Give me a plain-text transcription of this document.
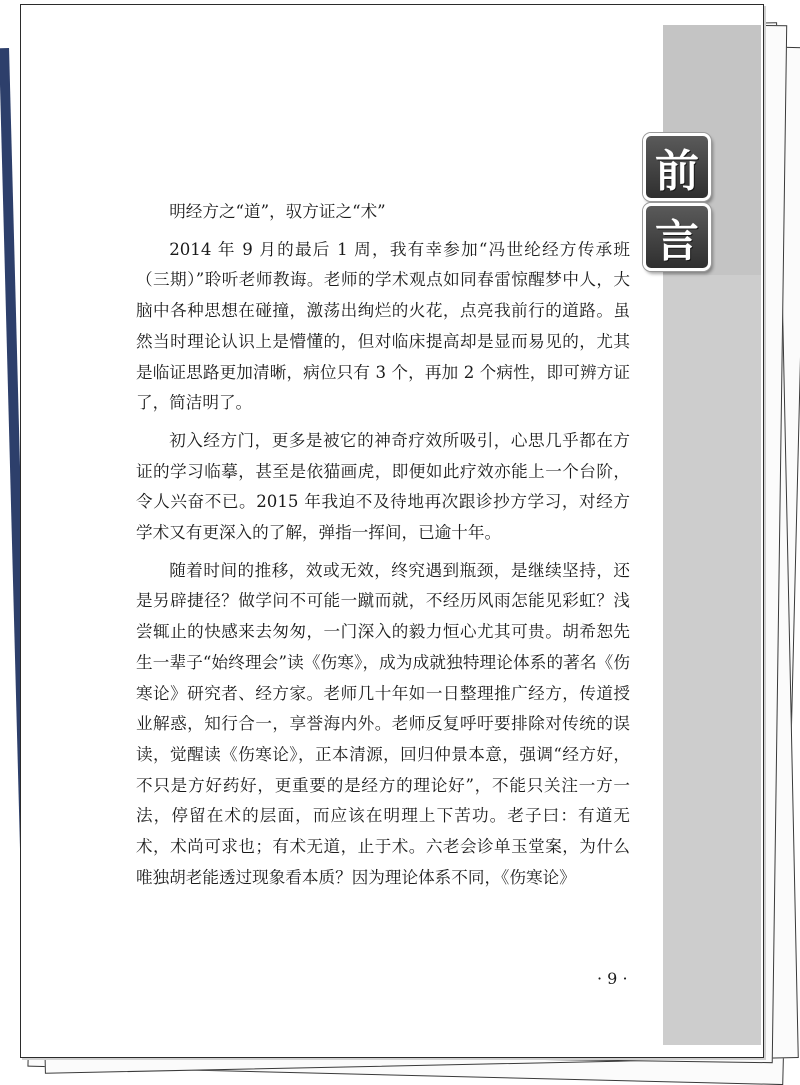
前
言

明经方之“道”，驭方证之“术”

2014 年 9 月的最后 1 周，我有幸参加“冯世纶经方传承班（三期）”聆听老师教诲。老师的学术观点如同春雷惊醒梦中人，大脑中各种思想在碰撞，激荡出绚烂的火花，点亮我前行的道路。虽然当时理论认识上是懵懂的，但对临床提高却是显而易见的，尤其是临证思路更加清晰，病位只有 3 个，再加 2 个病性，即可辨方证了，简洁明了。

初入经方门，更多是被它的神奇疗效所吸引，心思几乎都在方证的学习临摹，甚至是依猫画虎，即便如此疗效亦能上一个台阶，令人兴奋不已。2015 年我迫不及待地再次跟诊抄方学习，对经方学术又有更深入的了解，弹指一挥间，已逾十年。

随着时间的推移，效或无效，终究遇到瓶颈，是继续坚持，还是另辟捷径？做学问不可能一蹴而就，不经历风雨怎能见彩虹？浅尝辄止的快感来去匆匆，一门深入的毅力恒心尤其可贵。胡希恕先生一辈子“始终理会”读《伤寒》，成为成就独特理论体系的著名《伤寒论》研究者、经方家。老师几十年如一日整理推广经方，传道授业解惑，知行合一，享誉海内外。老师反复呼吁要排除对传统的误读，觉醒读《伤寒论》，正本清源，回归仲景本意，强调“经方好，不只是方好药好，更重要的是经方的理论好”，不能只关注一方一法，停留在术的层面，而应该在明理上下苦功。老子曰：有道无术，术尚可求也；有术无道，止于术。六老会诊单玉堂案，为什么唯独胡老能透过现象看本质？因为理论体系不同，《伤寒论》

· 9 ·
